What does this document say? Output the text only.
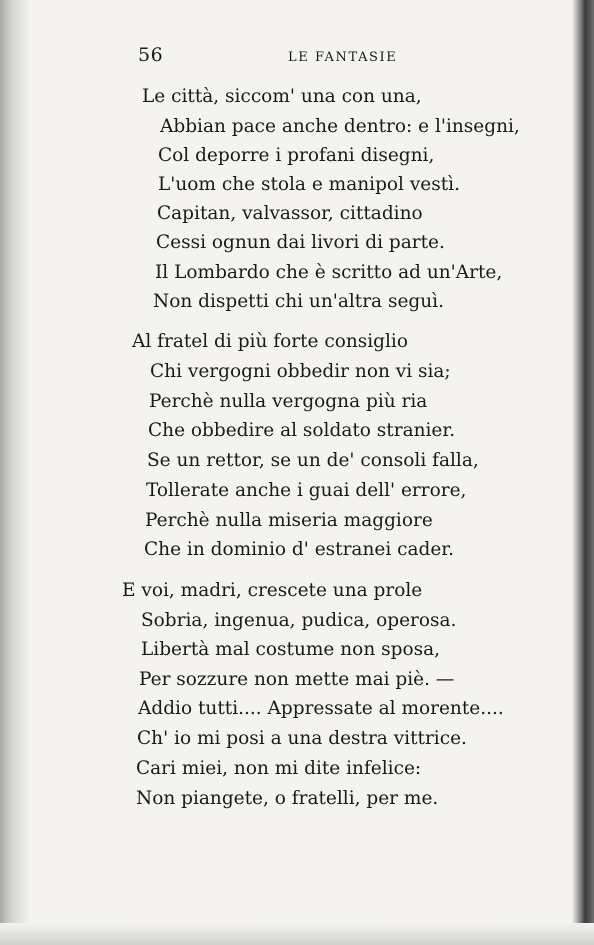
56	LE FANTASIE
Le città, siccom' una con una,
Abbian pace anche dentro: e l'insegni,
Col deporre i profani disegni,
L'uom che stola e manipol vestì.
Capitan, valvassor, cittadino
Cessi ognun dai livori di parte.
Il Lombardo che è scritto ad un'Arte,
Non dispetti chi un'altra seguì.
Al fratel di più forte consiglio
Chi vergogni obbedir non vi sia;
Perchè nulla vergogna più ria
Che obbedire al soldato stranier.
Se un rettor, se un de' consoli falla,
Tollerate anche i guai dell' errore,
Perchè nulla miseria maggiore
Che in dominio d' estranei cader.
E voi, madri, crescete una prole
Sobria, ingenua, pudica, operosa.
Libertà mal costume non sposa,
Per sozzure non mette mai piè. —
Addio tutti.... Appressate al morente....
Ch' io mi posi a una destra vittrice.
Cari miei, non mi dite infelice:
Non piangete, o fratelli, per me.
